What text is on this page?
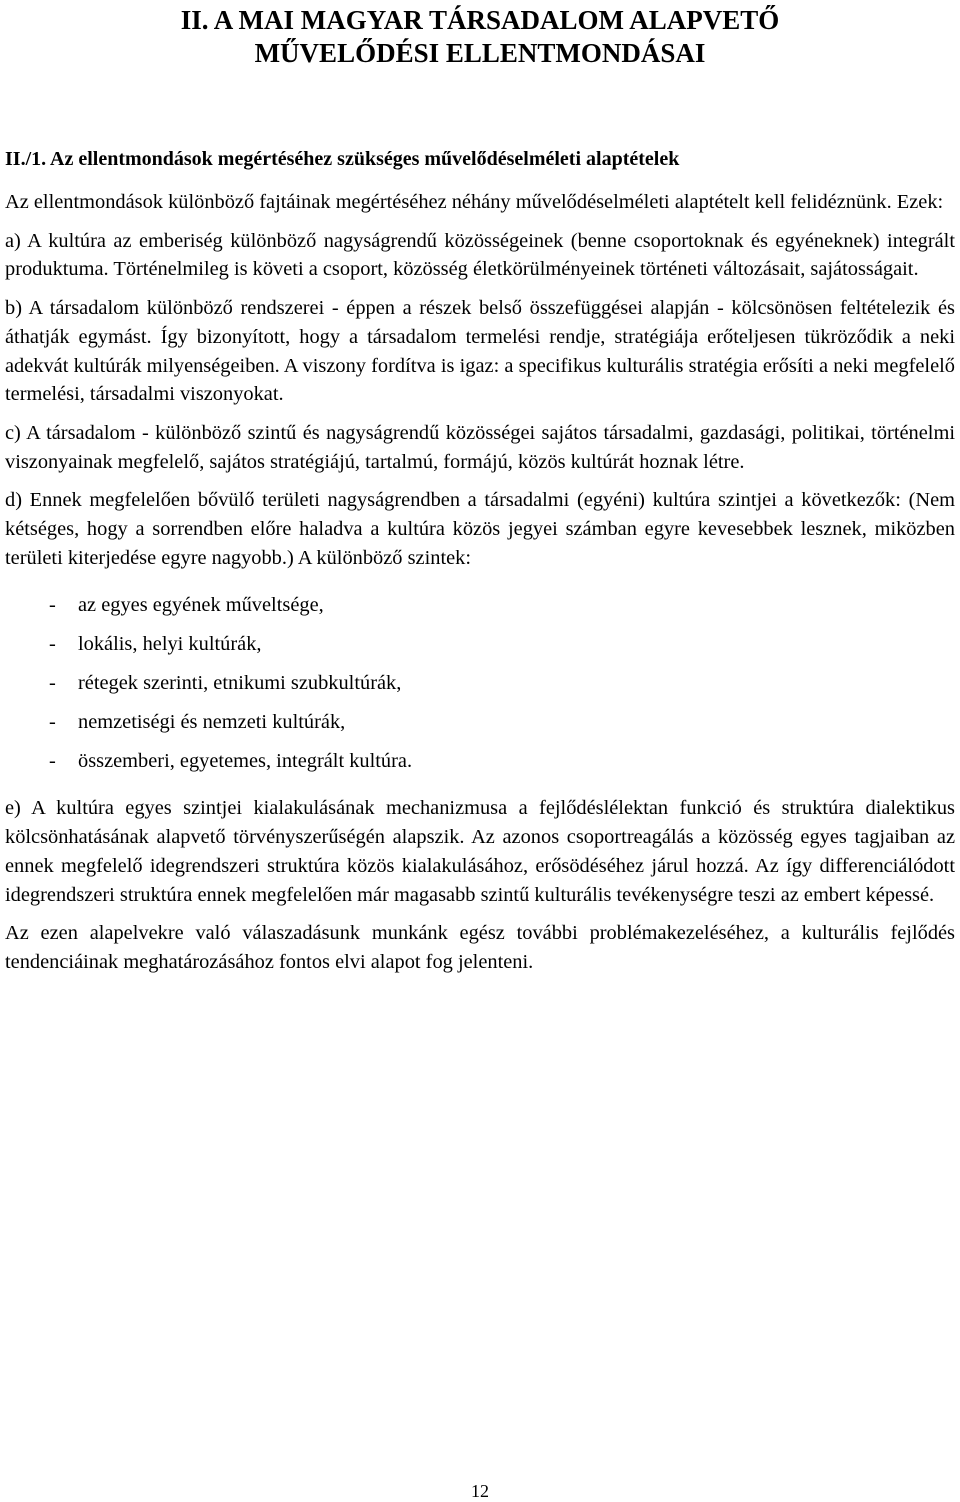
II. A MAI MAGYAR TÁRSADALOM ALAPVETŐ
MŰVELŐDÉSI ELLENTMONDÁSAI
II./1. Az ellentmondások megértéséhez szükséges művelődéselméleti alaptételek

Az ellentmondások különböző fajtáinak megértéséhez néhány művelődéselméleti alaptételt kell felidéznünk. Ezek:

a) A kultúra az emberiség különböző nagyságrendű közösségeinek (benne csoportoknak és egyéneknek) integrált produktuma. Történelmileg is követi a csoport, közösség életkörülményeinek történeti változásait, sajátosságait.

b) A társadalom különböző rendszerei - éppen a részek belső összefüggései alapján - kölcsönösen feltételezik és áthatják egymást. Így bizonyított, hogy a társadalom termelési rendje, stratégiája erőteljesen tükröződik a neki adekvát kultúrák milyenségeiben. A viszony fordítva is igaz: a specifikus kulturális stratégia erősíti a neki megfelelő termelési, társadalmi viszonyokat.

c) A társadalom - különböző szintű és nagyságrendű közösségei sajátos társadalmi, gazdasági, politikai, történelmi viszonyainak megfelelő, sajátos stratégiájú, tartalmú, formájú, közös kultúrát hoznak létre.

d) Ennek megfelelően bővülő területi nagyságrendben a társadalmi (egyéni) kultúra szintjei a következők: (Nem kétséges, hogy a sorrendben előre haladva a kultúra közös jegyei számban egyre kevesebbek lesznek, miközben területi kiterjedése egyre nagyobb.) A különböző szintek:

- az egyes egyének műveltsége,
- lokális, helyi kultúrák,
- rétegek szerinti, etnikumi szubkultúrák,
- nemzetiségi és nemzeti kultúrák,
- összemberi, egyetemes, integrált kultúra.

e) A kultúra egyes szintjei kialakulásának mechanizmusa a fejlődéslélektan funkció és struktúra dialektikus kölcsönhatásának alapvető törvényszerűségén alapszik. Az azonos csoportreagálás a közösség egyes tagjaiban az ennek megfelelő idegrendszeri struktúra közös kialakulásához, erősödéséhez járul hozzá. Az így differenciálódott idegrendszeri struktúra ennek megfelelően már magasabb szintű kulturális tevékenységre teszi az embert képessé.

Az ezen alapelvekre való válaszadásunk munkánk egész további problémakezeléséhez, a kulturális fejlődés tendenciáinak meghatározásához fontos elvi alapot fog jelenteni.

12
